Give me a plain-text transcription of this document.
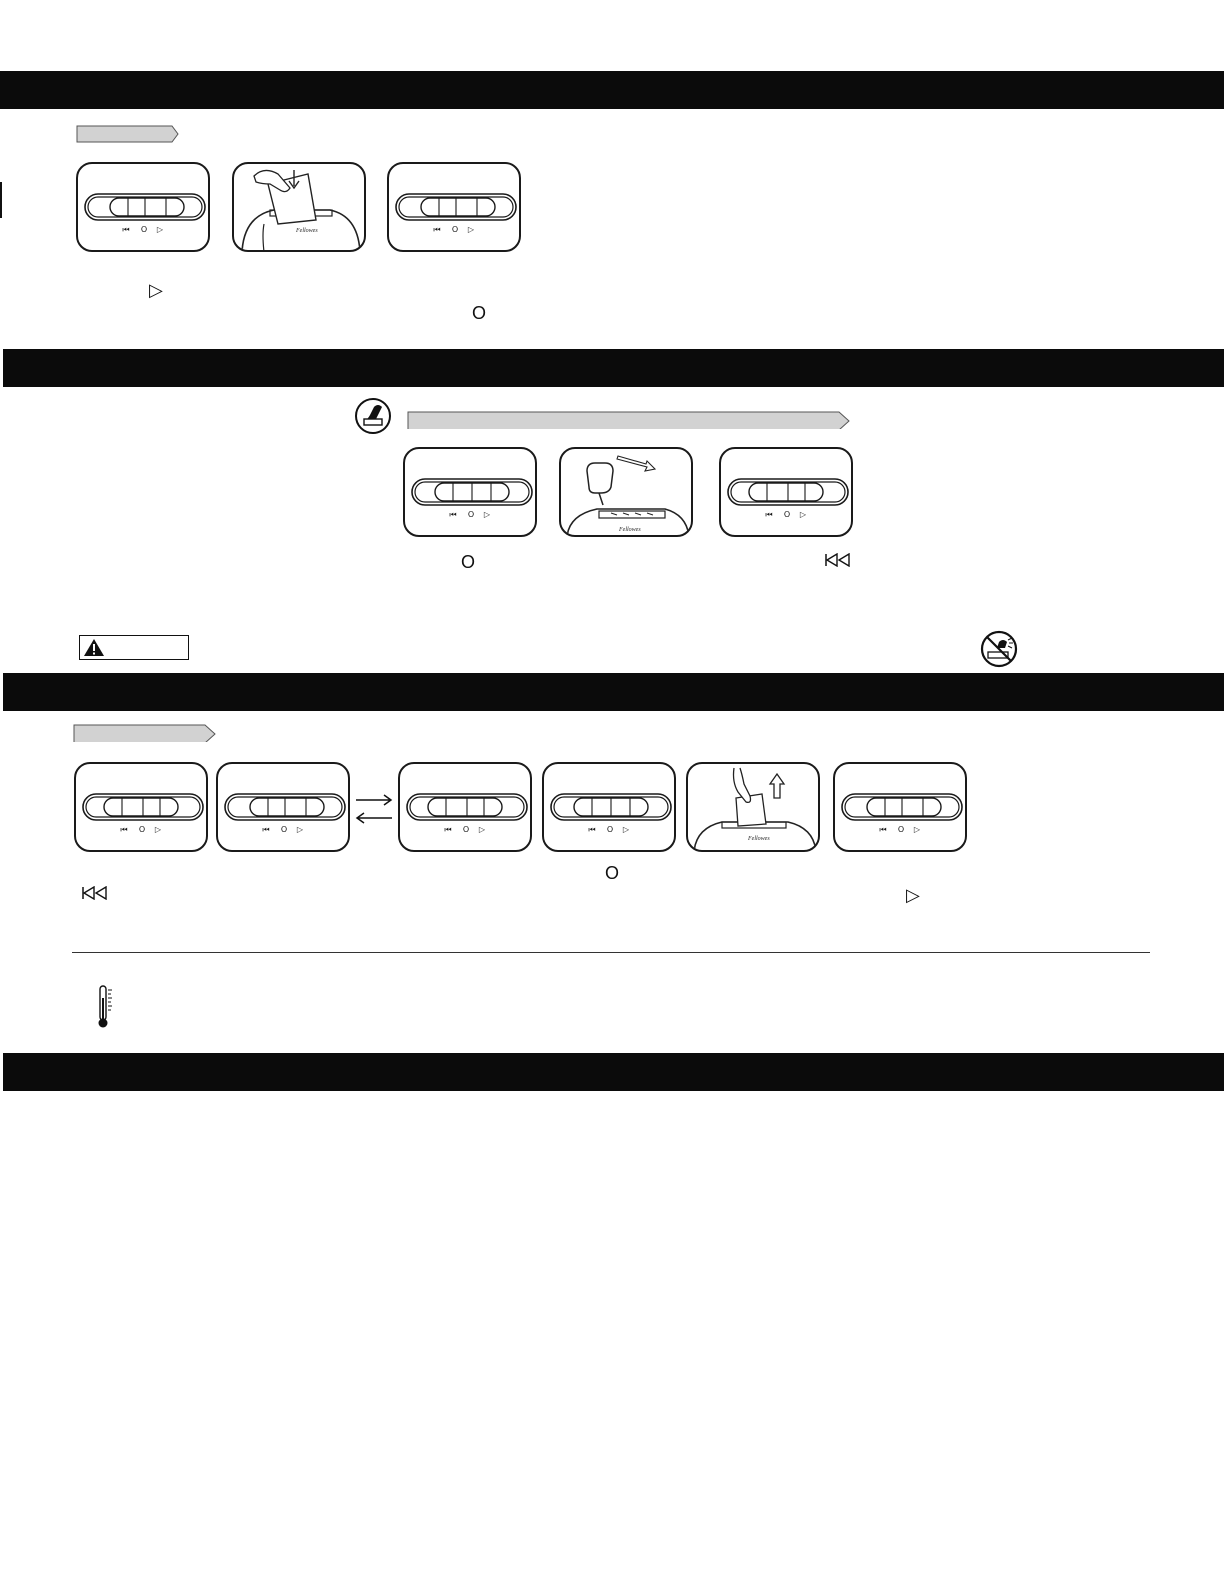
⏮ O ▷	Fellowes	⏮ O ▷
▷
O
⏮ O ▷
Fellowes
⏮ O ▷
O
⏮ O ▷	⏮ O ▷	⏮ O ▷	⏮ O ▷
Fellowes
⏮ O ▷
O
▷
